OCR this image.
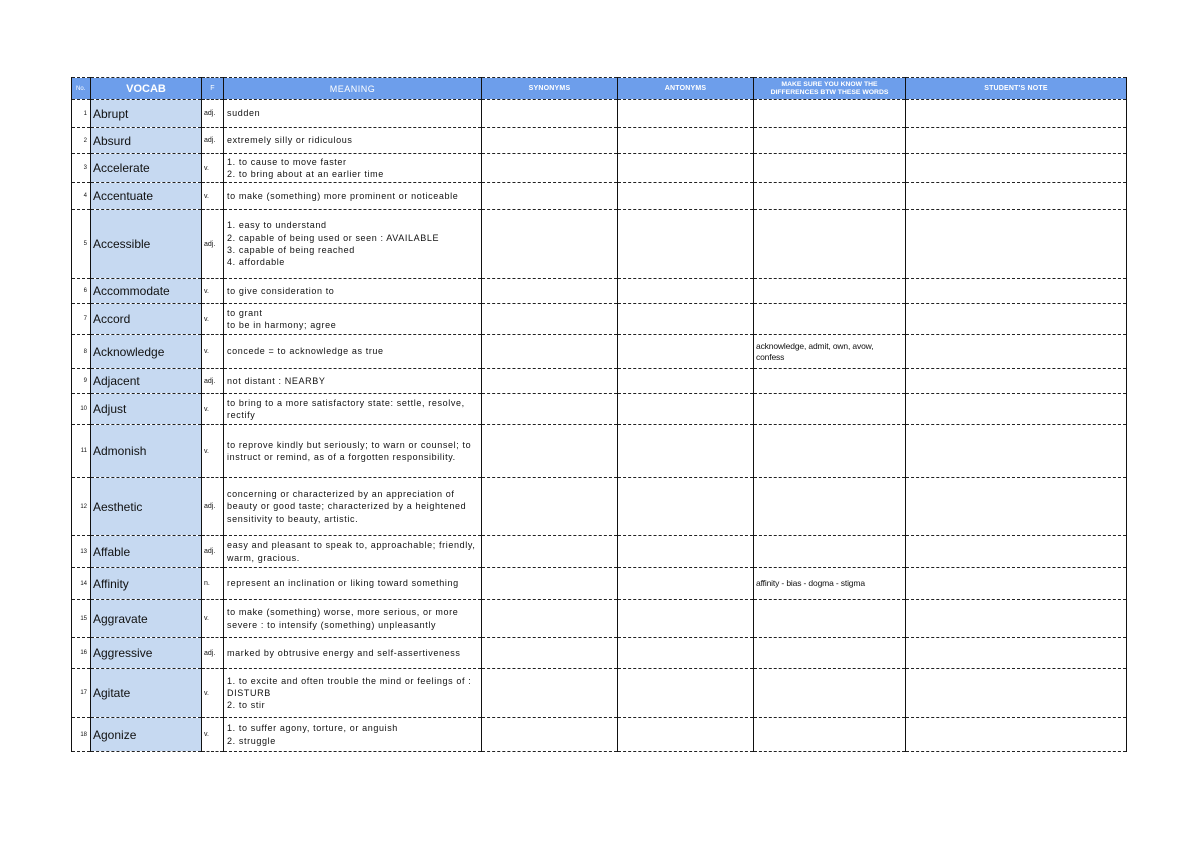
No.	VOCAB	F	MEANING	SYNONYMS	ANTONYMS	MAKE SURE YOU KNOW THE
DIFFERENCES BTW THESE WORDS	STUDENT'S NOTE
1	Abrupt	adj.	sudden				
2	Absurd	adj.	extremely silly or ridiculous				
3	Accelerate	v.	1. to cause to move faster
2. to bring about at an earlier time				
4	Accentuate	v.	to make (something) more prominent or noticeable				
5	Accessible	adj.	1. easy to understand
2. capable of being used or seen : AVAILABLE
3. capable of being reached
4. affordable				
6	Accommodate	v.	to give consideration to				
7	Accord	v.	to grant
to be in harmony; agree				
8	Acknowledge	v.	concede = to acknowledge as true			acknowledge, admit, own, avow,
confess	
9	Adjacent	adj.	not distant : NEARBY				
10	Adjust	v.	to bring to a more satisfactory state: settle, resolve,
rectify				
11	Admonish	v.	to reprove kindly but seriously; to warn or counsel; to
instruct or remind, as of a forgotten responsibility.				
12	Aesthetic	adj.	concerning or characterized by an appreciation of
beauty or good taste; characterized by a heightened
sensitivity to beauty, artistic.				
13	Affable	adj.	easy and pleasant to speak to, approachable; friendly,
warm, gracious.				
14	Affinity	n.	represent an inclination or liking toward something			affinity - bias - dogma - stigma	
15	Aggravate	v.	to make (something) worse, more serious, or more
severe : to intensify (something) unpleasantly				
16	Aggressive	adj.	marked by obtrusive energy and self-assertiveness				
17	Agitate	v.	1. to excite and often trouble the mind or feelings of :
DISTURB
2. to stir				
18	Agonize	v.	1. to suffer agony, torture, or anguish
2. struggle				
